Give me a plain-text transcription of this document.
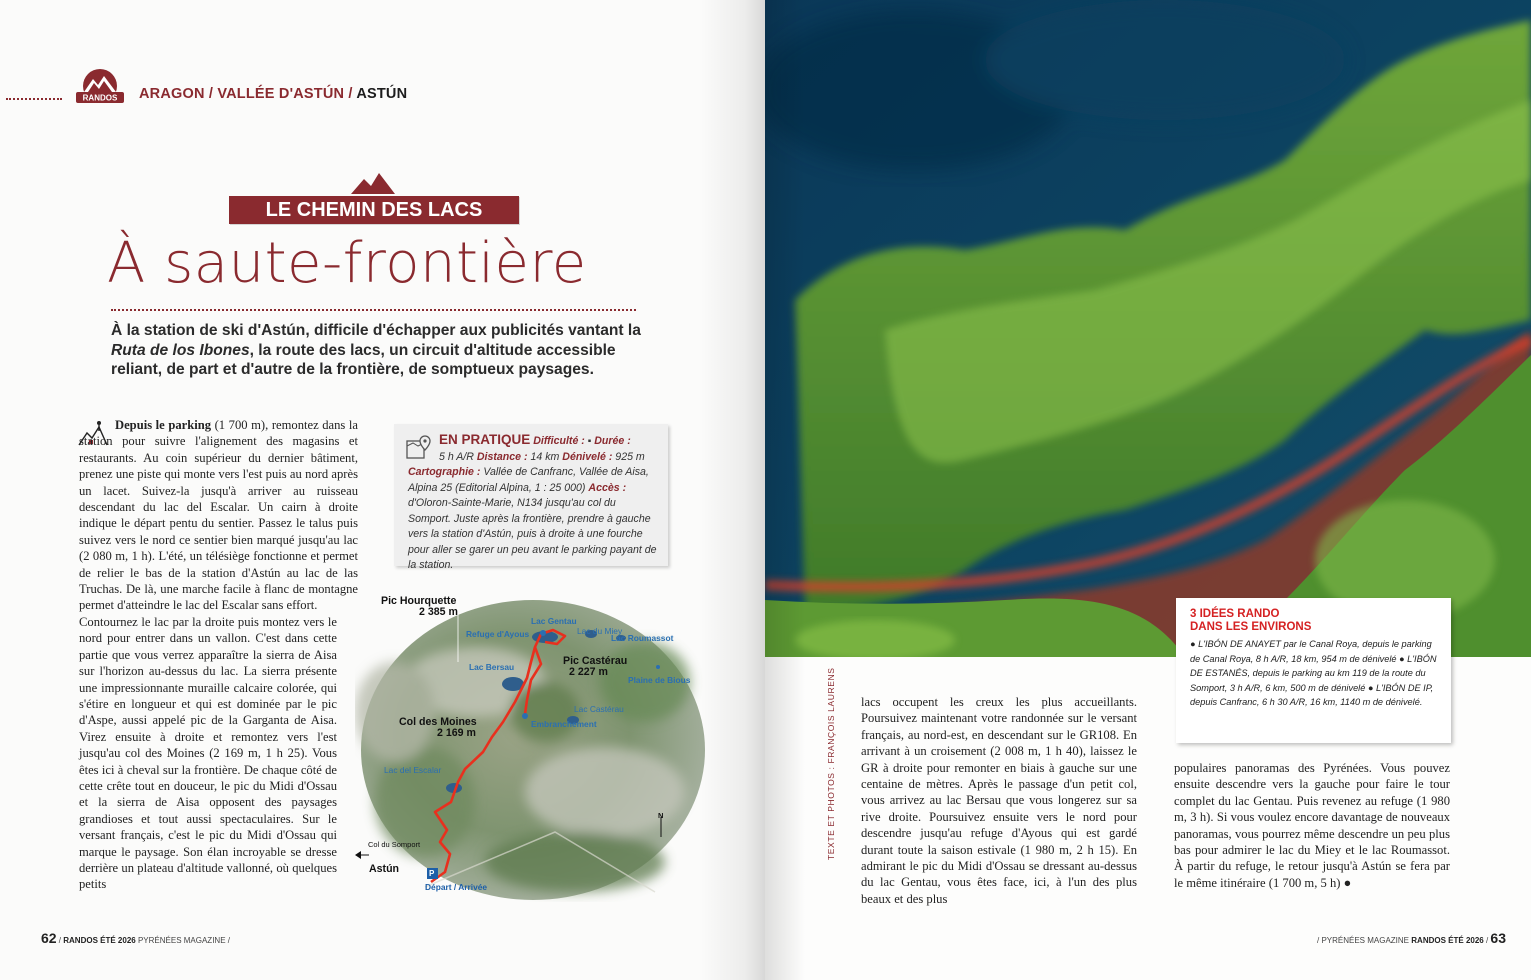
RANDOS ARAGON / VALLÉE D'ASTÚN / ASTÚN
LE CHEMIN DES LACS
À saute-frontière
À la station de ski d'Astún, difficile d'échapper aux publicités vantant la Ruta de los Ibones, la route des lacs, un circuit d'altitude accessible reliant, de part et d'autre de la frontière, de somptueux paysages.
Depuis le parking (1 700 m), remontez dans la station pour suivre l'alignement des magasins et restaurants. Au coin supérieur du dernier bâtiment, prenez une piste qui monte vers l'est puis au nord après un lacet. Suivez-la jusqu'à arriver au ruisseau descendant du lac del Escalar. Un cairn à droite indique le départ pentu du sentier. Passez le talus puis suivez vers le nord ce sentier bien marqué jusqu'au lac (2 080 m, 1 h). L'été, un télésiège fonctionne et permet de relier le bas de la station d'Astún au lac de las Truchas. De là, une marche facile à flanc de montagne permet d'atteindre le lac del Escalar sans effort.
Contournez le lac par la droite puis montez vers le nord pour entrer dans un vallon. C'est dans cette partie que vous verrez apparaître la sierra de Aisa sur l'horizon au-dessus du lac. La sierra présente une impressionnante muraille calcaire colorée, qui s'étire en longueur et qui est dominée par le pic d'Aspe, aussi appelé pic de la Garganta de Aisa. Virez ensuite à droite et remontez vers l'est jusqu'au col des Moines (2 169 m, 1 h 25). Vous êtes ici à cheval sur la frontière. De chaque côté de cette crête tout en douceur, le pic du Midi d'Ossau et la sierra de Aisa opposent des paysages grandioses et tout aussi spectaculaires. Sur le versant français, c'est le pic du Midi d'Ossau qui marque le paysage. Son élan incroyable se dresse derrière un plateau d'altitude vallonné, où quelques petits
EN PRATIQUE Difficulté : ▪ Durée :
5 h A/R Distance : 14 km Dénivelé : 925 m
Cartographie : Vallée de Canfranc, Vallée de Aisa, Alpina 25 (Editorial Alpina, 1 : 25 000) Accès : d'Oloron-Sainte-Marie, N134 jusqu'au col du Somport. Juste après la frontière, prendre à gauche vers la station d'Astún, puis à droite à une fourche pour aller se garer un peu avant le parking payant de la station.
Pic Hourquette
2 385 m
Lac Gentau
Lac du Miey
Refuge d'Ayous	Lac Roumassot
Lac Bersau	Pic Castérau
2 227 m
Plaine de Bious
Lac Castérau
Embranchement
Col des Moines
2 169 m
Lac del Escalar
Col du Somport
Astún	P
Départ / Arrivée
N
62 / RANDOS ÉTÉ 2026 PYRÉNÉES MAGAZINE /
3 IDÉES RANDO
DANS LES ENVIRONS
● L'IBÓN DE ANAYET par le Canal Roya, depuis le parking de Canal Roya, 8 h A/R, 18 km, 954 m de dénivelé ● L'IBÓN DE ESTANÉS, depuis le parking au km 119 de la route du Somport, 3 h A/R, 6 km, 500 m de dénivelé ● L'IBÓN DE IP, depuis Canfranc, 6 h 30 A/R, 16 km, 1140 m de dénivelé.
lacs occupent les creux les plus accueillants. Poursuivez maintenant votre randonnée sur le versant français, au nord-est, en descendant sur le GR108. En arrivant à un croisement (2 008 m, 1 h 40), laissez le GR à droite pour remonter en biais à gauche sur une centaine de mètres. Après le passage d'un petit col, vous arrivez au lac Bersau que vous longerez sur sa rive droite. Poursuivez ensuite vers le nord pour descendre jusqu'au refuge d'Ayous qui est gardé durant toute la saison estivale (1 980 m, 2 h 15). En admirant le pic du Midi d'Ossau se dressant au-dessus du lac Gentau, vous êtes face, ici, à l'un des plus beaux et des plus
populaires panoramas des Pyrénées. Vous pouvez ensuite descendre vers la gauche pour faire le tour complet du lac Gentau. Puis revenez au refuge (1 980 m, 3 h). Si vous voulez encore davantage de nouveaux panoramas, vous pourrez même descendre un peu plus bas pour admirer le lac du Miey et le lac Roumassot. À partir du refuge, le retour jusqu'à Astún se fera par le même itinéraire (1 700 m, 5 h) ●
/ PYRÉNÉES MAGAZINE RANDOS ÉTÉ 2026 / 63
TEXTE ET PHOTOS : FRANÇOIS LAURENS
